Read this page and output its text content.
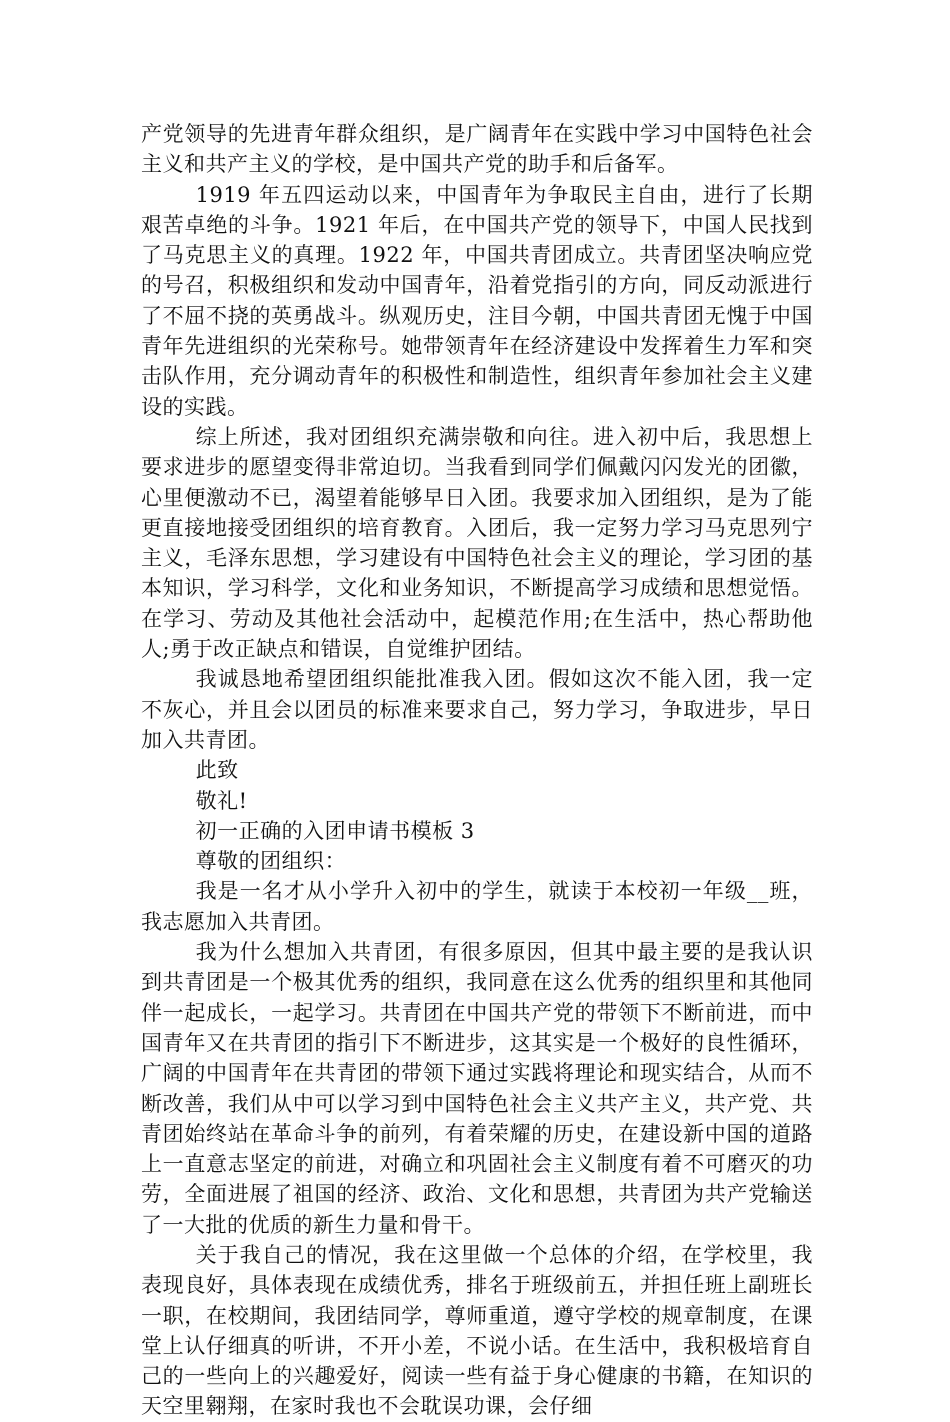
产党领导的先进青年群众组织，是广阔青年在实践中学习中国特色社会主义和共产主义的学校，是中国共产党的助手和后备军。

1919 年五四运动以来，中国青年为争取民主自由，进行了长期艰苦卓绝的斗争。1921 年后，在中国共产党的领导下，中国人民找到了马克思主义的真理。1922 年，中国共青团成立。共青团坚决响应党的号召，积极组织和发动中国青年，沿着党指引的方向，同反动派进行了不屈不挠的英勇战斗。纵观历史，注目今朝，中国共青团无愧于中国青年先进组织的光荣称号。她带领青年在经济建设中发挥着生力军和突击队作用，充分调动青年的积极性和制造性，组织青年参加社会主义建设的实践。

综上所述，我对团组织充满崇敬和向往。进入初中后，我思想上要求进步的愿望变得非常迫切。当我看到同学们佩戴闪闪发光的团徽，心里便激动不已，渴望着能够早日入团。我要求加入团组织，是为了能更直接地接受团组织的培育教育。入团后，我一定努力学习马克思列宁主义，毛泽东思想，学习建设有中国特色社会主义的理论，学习团的基本知识，学习科学，文化和业务知识，不断提高学习成绩和思想觉悟。在学习、劳动及其他社会活动中，起模范作用;在生活中，热心帮助他人;勇于改正缺点和错误，自觉维护团结。

我诚恳地希望团组织能批准我入团。假如这次不能入团，我一定不灰心，并且会以团员的标准来要求自己，努力学习，争取进步，早日加入共青团。

此致

敬礼!

初一正确的入团申请书模板 3

尊敬的团组织：

我是一名才从小学升入初中的学生，就读于本校初一年级__班，我志愿加入共青团。

我为什么想加入共青团，有很多原因，但其中最主要的是我认识到共青团是一个极其优秀的组织，我同意在这么优秀的组织里和其他同伴一起成长，一起学习。共青团在中国共产党的带领下不断前进，而中国青年又在共青团的指引下不断进步，这其实是一个极好的良性循环，广阔的中国青年在共青团的带领下通过实践将理论和现实结合，从而不断改善，我们从中可以学习到中国特色社会主义共产主义，共产党、共青团始终站在革命斗争的前列，有着荣耀的历史，在建设新中国的道路上一直意志坚定的前进，对确立和巩固社会主义制度有着不可磨灭的功劳，全面进展了祖国的经济、政治、文化和思想，共青团为共产党输送了一大批的优质的新生力量和骨干。

关于我自己的情况，我在这里做一个总体的介绍，在学校里，我表现良好，具体表现在成绩优秀，排名于班级前五，并担任班上副班长一职，在校期间，我团结同学，尊师重道，遵守学校的规章制度，在课堂上认仔细真的听讲，不开小差，不说小话。在生活中，我积极培育自己的一些向上的兴趣爱好，阅读一些有益于身心健康的书籍，在知识的天空里翱翔，在家时我也不会耽误功课，会仔细
